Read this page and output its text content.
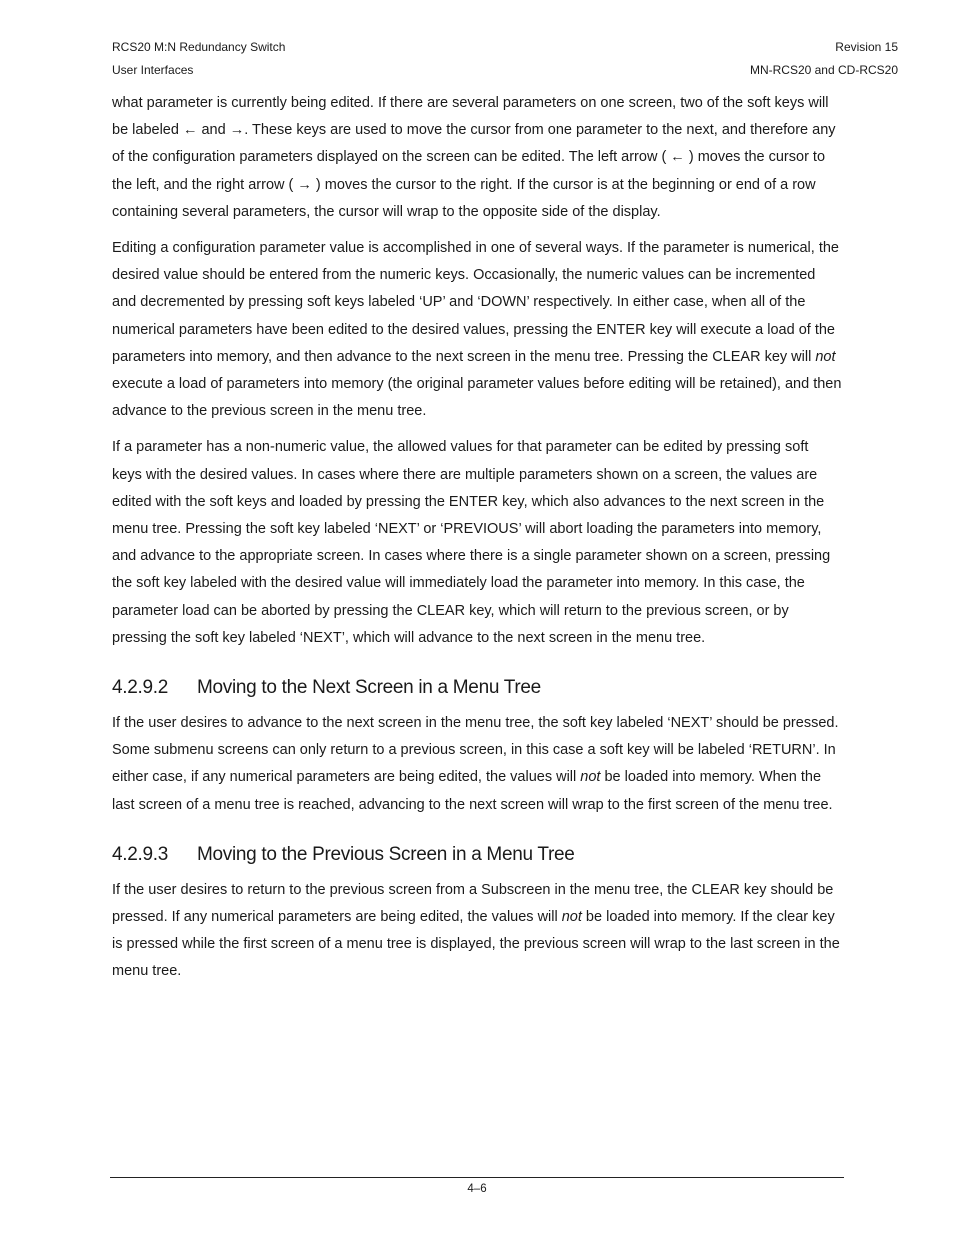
RCS20 M:N Redundancy Switch	Revision 15
User Interfaces	MN-RCS20 and CD-RCS20

what parameter is currently being edited. If there are several parameters on one screen, two of the soft keys will be labeled ← and →. These keys are used to move the cursor from one parameter to the next, and therefore any of the configuration parameters displayed on the screen can be edited. The left arrow ( ← ) moves the cursor to the left, and the right arrow ( → ) moves the cursor to the right. If the cursor is at the beginning or end of a row containing several parameters, the cursor will wrap to the opposite side of the display.

Editing a configuration parameter value is accomplished in one of several ways. If the parameter is numerical, the desired value should be entered from the numeric keys. Occasionally, the numeric values can be incremented and decremented by pressing soft keys labeled ‘UP’ and ‘DOWN’ respectively. In either case, when all of the numerical parameters have been edited to the desired values, pressing the ENTER key will execute a load of the parameters into memory, and then advance to the next screen in the menu tree. Pressing the CLEAR key will not execute a load of parameters into memory (the original parameter values before editing will be retained), and then advance to the previous screen in the menu tree.

If a parameter has a non-numeric value, the allowed values for that parameter can be edited by pressing soft keys with the desired values. In cases where there are multiple parameters shown on a screen, the values are edited with the soft keys and loaded by pressing the ENTER key, which also advances to the next screen in the menu tree. Pressing the soft key labeled ‘NEXT’ or ‘PREVIOUS’ will abort loading the parameters into memory, and advance to the appropriate screen. In cases where there is a single parameter shown on a screen, pressing the soft key labeled with the desired value will immediately load the parameter into memory. In this case, the parameter load can be aborted by pressing the CLEAR key, which will return to the previous screen, or by pressing the soft key labeled ‘NEXT’, which will advance to the next screen in the menu tree.

4.2.9.2 Moving to the Next Screen in a Menu Tree

If the user desires to advance to the next screen in the menu tree, the soft key labeled ‘NEXT’ should be pressed. Some submenu screens can only return to a previous screen, in this case a soft key will be labeled ‘RETURN’. In either case, if any numerical parameters are being edited, the values will not be loaded into memory. When the last screen of a menu tree is reached, advancing to the next screen will wrap to the first screen of the menu tree.

4.2.9.3 Moving to the Previous Screen in a Menu Tree

If the user desires to return to the previous screen from a Subscreen in the menu tree, the CLEAR key should be pressed. If any numerical parameters are being edited, the values will not be loaded into memory. If the clear key is pressed while the first screen of a menu tree is displayed, the previous screen will wrap to the last screen in the menu tree.

4–6
